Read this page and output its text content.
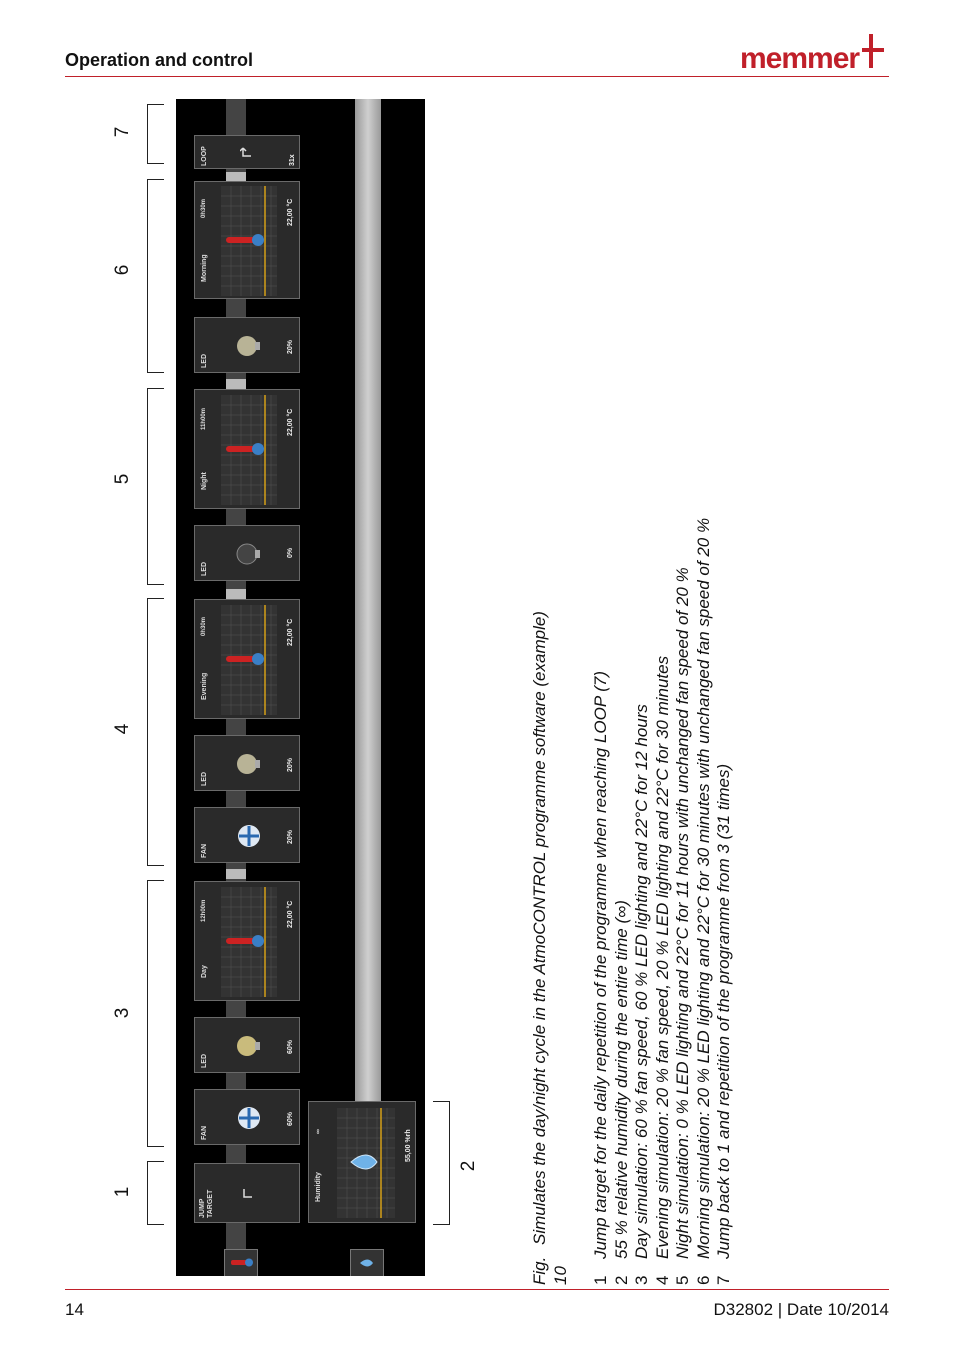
Operation and control	memmer
7
6
5
4
3
1
2
LOOP	31x
Morning
0h30m	22,00 °C
LED
20%
Night
11h00m	22,00 °C
LED
0%
Evening
0h30m	22,00 °C
LED
20%
FAN
20%
Day
12h00m	22,00 °C
LED
60%
FAN
60%
JUMP TARGET
Humidity
∞	55,00 %rh
Fig. 10
Simulates the day/night cycle in the AtmoCONTROL programme software (example)
1
Jump target for the daily repetition of the programme when reaching LOOP (7)
2
55 % relative humidity during the entire time (∞)
3
Day simulation: 60 % fan speed, 60 % LED lighting and 22°C for 12 hours
4
Evening simulation: 20 % fan speed, 20 % LED lighting and 22°C for 30 minutes
5
Night simulation: 0 % LED lighting and 22°C for 11 hours with unchanged fan speed of 20 %
6
Morning simulation: 20 % LED lighting and 22°C for 30 minutes with unchanged fan speed of 20 %
7
Jump back to 1 and repetition of the programme from 3 (31 times)
14	D32802 | Date 10/2014
